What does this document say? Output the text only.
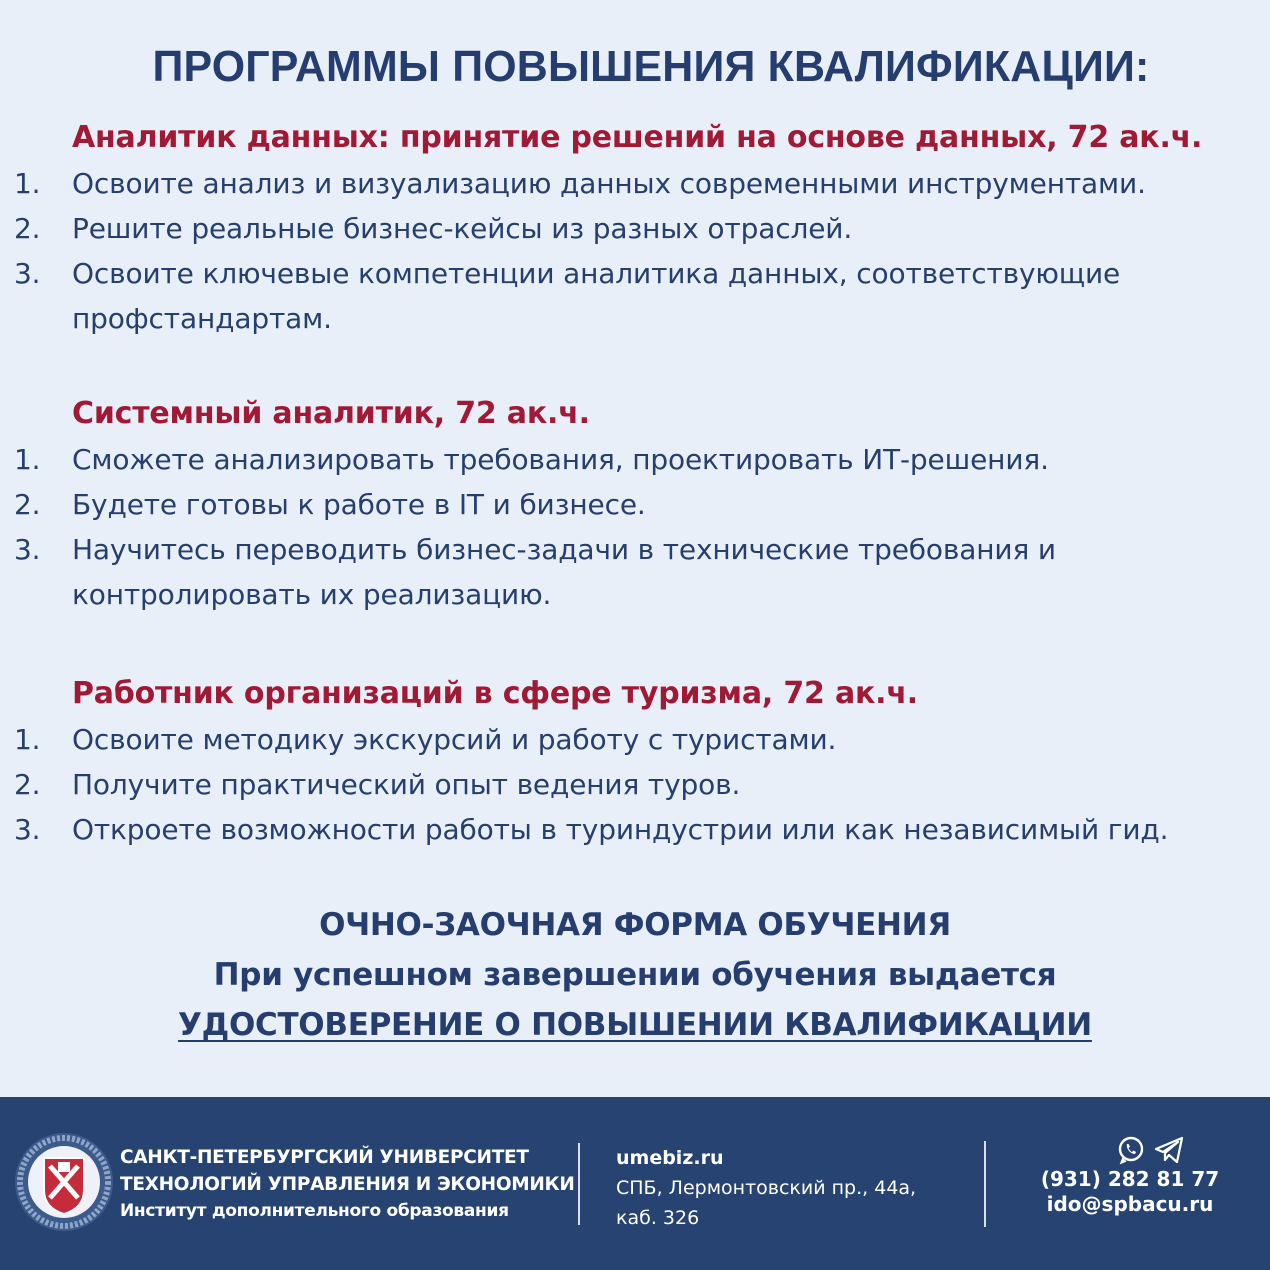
ПРОГРАММЫ ПОВЫШЕНИЯ КВАЛИФИКАЦИИ:
Аналитик данных: принятие решений на основе данных, 72 ак.ч.
1. Освоите анализ и визуализацию данных современными инструментами.
2. Решите реальные бизнес-кейсы из разных отраслей.
3. Освоите ключевые компетенции аналитика данных, соответствующие профстандартам.
Системный аналитик, 72 ак.ч.
1. Сможете анализировать требования, проектировать ИТ-решения.
2. Будете готовы к работе в IT и бизнесе.
3. Научитесь переводить бизнес-задачи в технические требования и контролировать их реализацию.
Работник организаций в сфере туризма, 72 ак.ч.
1. Освоите методику экскурсий и работу с туристами.
2. Получите практический опыт ведения туров.
3. Откроете возможности работы в туриндустрии или как независимый гид.
ОЧНО-ЗАОЧНАЯ ФОРМА ОБУЧЕНИЯ
При успешном завершении обучения выдается
УДОСТОВЕРЕНИЕ О ПОВЫШЕНИИ КВАЛИФИКАЦИИ
САНКТ-ПЕТЕРБУРГСКИЙ УНИВЕРСИТЕТ
ТЕХНОЛОГИЙ УПРАВЛЕНИЯ И ЭКОНОМИКИ
Институт дополнительного образования
umebiz.ru
СПБ, Лермонтовский пр., 44а,
каб. 326
(931) 282 81 77
ido@spbacu.ru
